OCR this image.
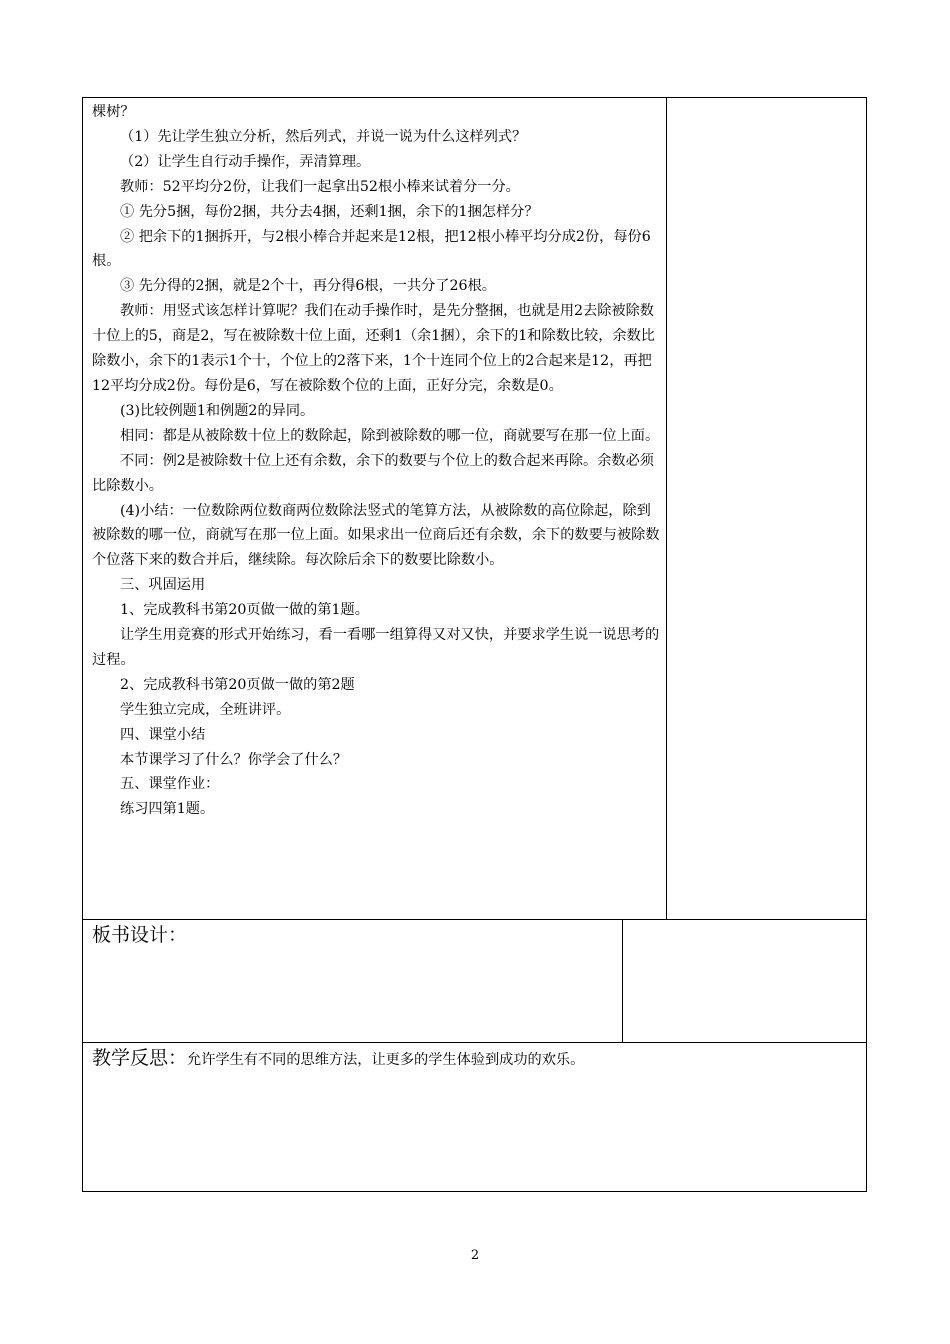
棵树？

（1）先让学生独立分析，然后列式，并说一说为什么这样列式？

（2）让学生自行动手操作，弄清算理。

教师：52平均分2份，让我们一起拿出52根小棒来试着分一分。

① 先分5捆，每份2捆，共分去4捆，还剩1捆，余下的1捆怎样分？

② 把余下的1捆拆开，与2根小棒合并起来是12根，把12根小棒平均分成2份，每份6根。

③ 先分得的2捆，就是2个十，再分得6根，一共分了26根。

教师：用竖式该怎样计算呢？我们在动手操作时，是先分整捆，也就是用2去除被除数十位上的5，商是2，写在被除数十位上面，还剩1（余1捆），余下的1和除数比较，余数比除数小，余下的1表示1个十，个位上的2落下来，1个十连同个位上的2合起来是12，再把12平均分成2份。每份是6，写在被除数个位的上面，正好分完，余数是0。

(3)比较例题1和例题2的异同。

相同：都是从被除数十位上的数除起，除到被除数的哪一位，商就要写在那一位上面。

不同：例2是被除数十位上还有余数，余下的数要与个位上的数合起来再除。余数必须比除数小。

(4)小结：一位数除两位数商两位数除法竖式的笔算方法，从被除数的高位除起，除到被除数的哪一位，商就写在那一位上面。如果求出一位商后还有余数，余下的数要与被除数个位落下来的数合并后，继续除。每次除后余下的数要比除数小。

三、巩固运用

1、完成教科书第20页做一做的第1题。

让学生用竞赛的形式开始练习，看一看哪一组算得又对又快，并要求学生说一说思考的过程。

2、完成教科书第20页做一做的第2题

学生独立完成，全班讲评。

四、课堂小结

本节课学习了什么？你学会了什么？

五、课堂作业：

练习四第1题。

板书设计：
教学反思：允许学生有不同的思维方法，让更多的学生体验到成功的欢乐。
2
